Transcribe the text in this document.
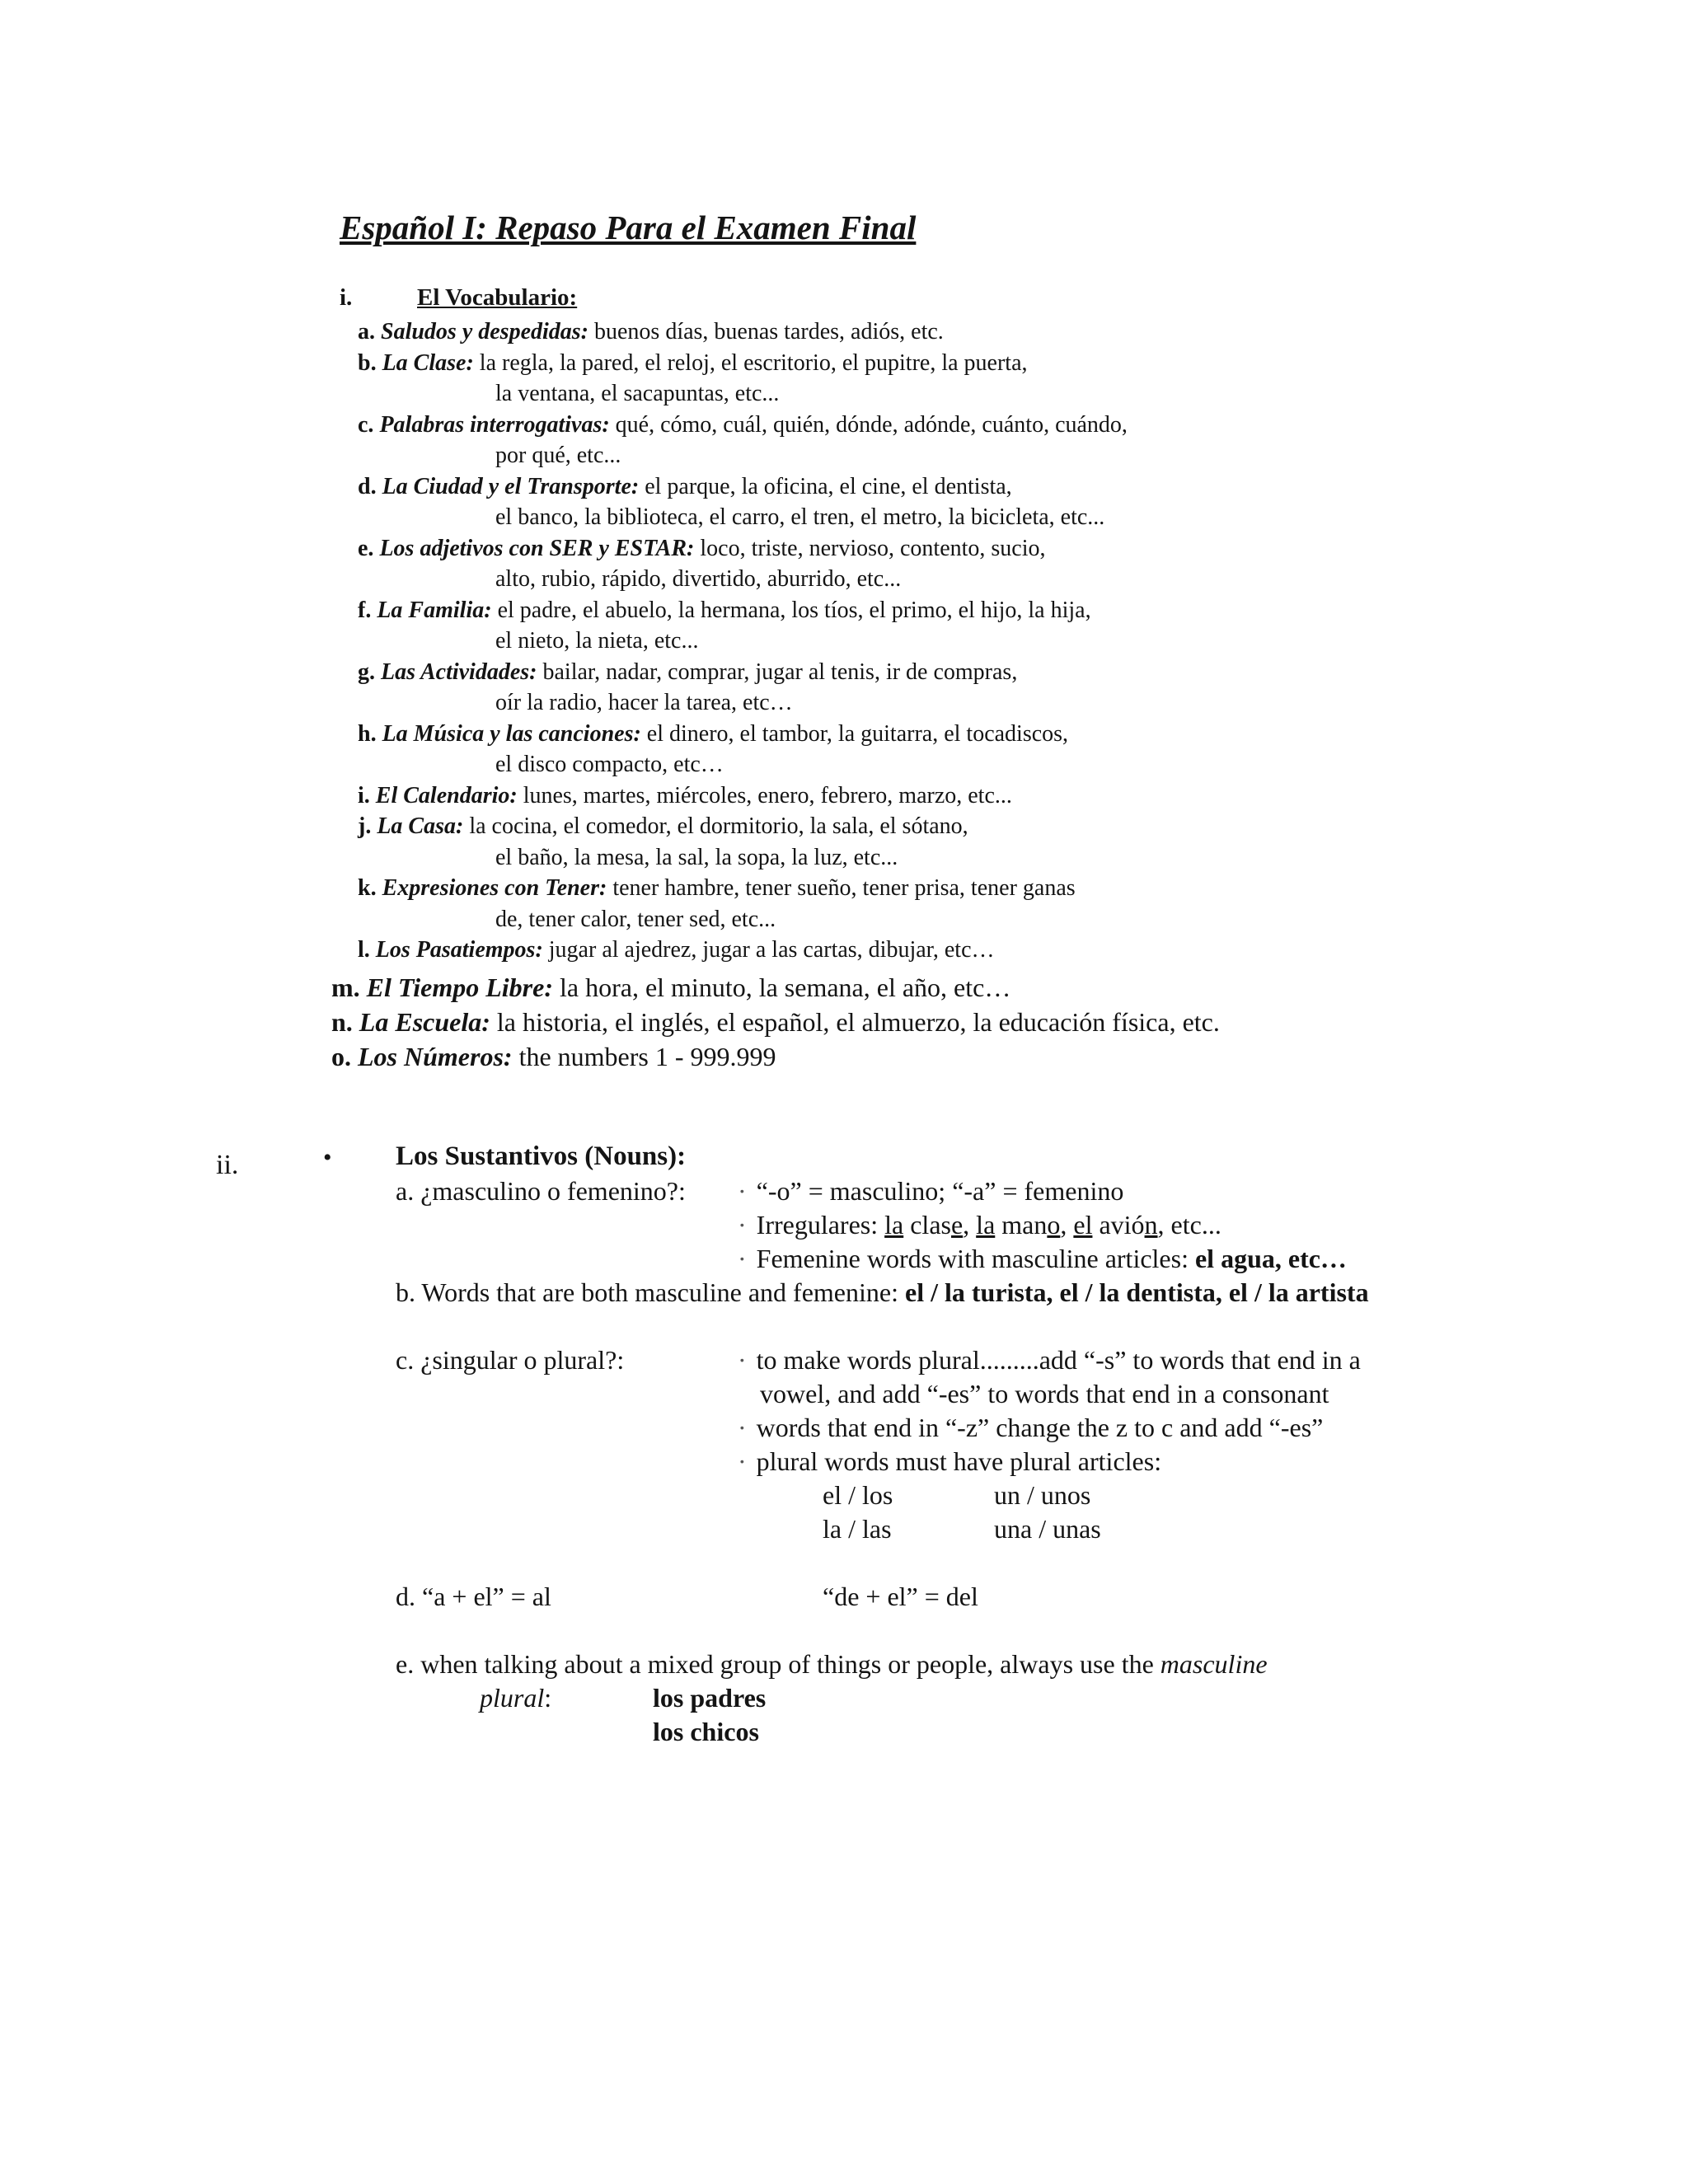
Español I: Repaso Para el Examen Final
i.	El Vocabulario:
a. Saludos y despedidas: buenos días, buenas tardes, adiós, etc.
b. La Clase: la regla, la pared, el reloj, el escritorio, el pupitre, la puerta,
la ventana, el sacapuntas, etc...
c. Palabras interrogativas: qué, cómo, cuál, quién, dónde, adónde, cuánto, cuándo,
por qué, etc...
d. La Ciudad y el Transporte: el parque, la oficina, el cine, el dentista,
el banco, la biblioteca, el carro, el tren, el metro, la bicicleta, etc...
e. Los adjetivos con SER y ESTAR: loco, triste, nervioso, contento, sucio,
alto, rubio, rápido, divertido, aburrido, etc...
f. La Familia: el padre, el abuelo, la hermana, los tíos, el primo, el hijo, la hija,
el nieto, la nieta, etc...
g. Las Actividades: bailar, nadar, comprar, jugar al tenis, ir de compras,
oír la radio, hacer la tarea, etc…
h. La Música y las canciones: el dinero, el tambor, la guitarra, el tocadiscos,
el disco compacto, etc…
i. El Calendario: lunes, martes, miércoles, enero, febrero, marzo, etc...
j. La Casa: la cocina, el comedor, el dormitorio, la sala, el sótano,
el baño, la mesa, la sal, la sopa, la luz, etc...
k. Expresiones con Tener: tener hambre, tener sueño, tener prisa, tener ganas
de, tener calor, tener sed, etc...
l. Los Pasatiempos: jugar al ajedrez, jugar a las cartas, dibujar, etc…
m. El Tiempo Libre: la hora, el minuto, la semana, el año, etc…
n. La Escuela: la historia, el inglés, el español, el almuerzo, la educación física, etc.
o. Los Números: the numbers 1 - 999.999
ii.	• Los Sustantivos (Nouns):
a. ¿masculino o femenino?: · “-o” = masculino; “-a” = femenino
· Irregulares: la clase, la mano, el avión, etc...
· Femenine words with masculine articles: el agua, etc…
b. Words that are both masculine and femenine: el / la turista, el / la dentista, el / la artista
c. ¿singular o plural?:	· to make words plural.........add “-s” to words that end in a
vowel, and add “-es” to words that end in a consonant
· words that end in “-z” change the z to c and add “-es”
· plural words must have plural articles:
el / los	un / unos
la / las	una / unas
d. “a + el” = al	“de + el” = del
e. when talking about a mixed group of things or people, always use the masculine
plural:	los padres
los chicos
